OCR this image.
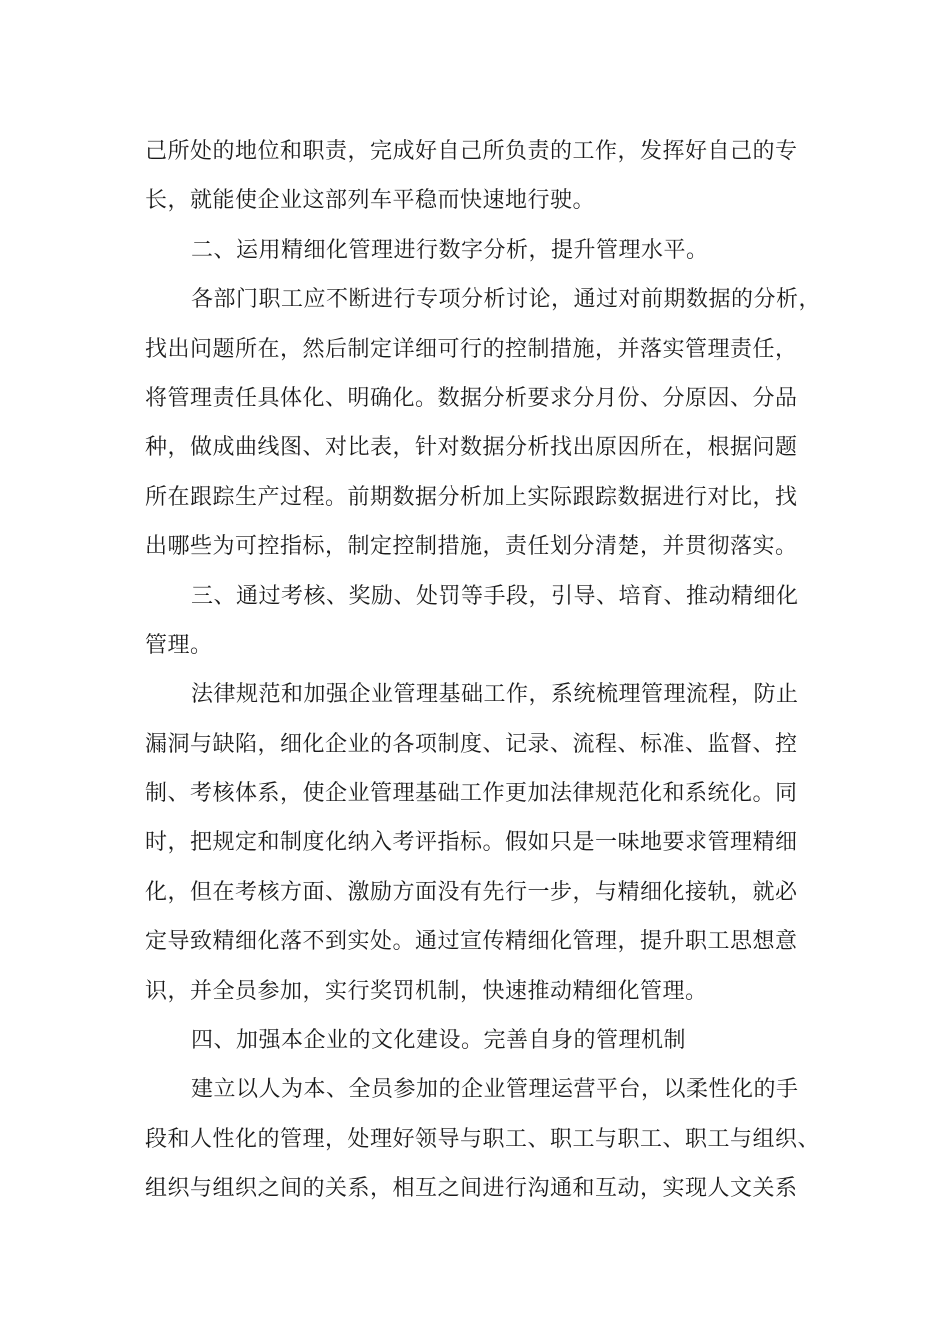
己所处的地位和职责，完成好自己所负责的工作，发挥好自己的专
长，就能使企业这部列车平稳而快速地行驶。
二、运用精细化管理进行数字分析，提升管理水平。
各部门职工应不断进行专项分析讨论，通过对前期数据的分析，
找出问题所在，然后制定详细可行的控制措施，并落实管理责任，
将管理责任具体化、明确化。数据分析要求分月份、分原因、分品
种，做成曲线图、对比表，针对数据分析找出原因所在，根据问题
所在跟踪生产过程。前期数据分析加上实际跟踪数据进行对比，找
出哪些为可控指标，制定控制措施，责任划分清楚，并贯彻落实。
三、通过考核、奖励、处罚等手段，引导、培育、推动精细化
管理。
法律规范和加强企业管理基础工作，系统梳理管理流程，防止
漏洞与缺陷，细化企业的各项制度、记录、流程、标准、监督、控
制、考核体系，使企业管理基础工作更加法律规范化和系统化。同
时，把规定和制度化纳入考评指标。假如只是一味地要求管理精细
化，但在考核方面、激励方面没有先行一步，与精细化接轨，就必
定导致精细化落不到实处。通过宣传精细化管理，提升职工思想意
识，并全员参加，实行奖罚机制，快速推动精细化管理。
四、加强本企业的文化建设。完善自身的管理机制
建立以人为本、全员参加的企业管理运营平台，以柔性化的手
段和人性化的管理，处理好领导与职工、职工与职工、职工与组织、
组织与组织之间的关系，相互之间进行沟通和互动，实现人文关系
